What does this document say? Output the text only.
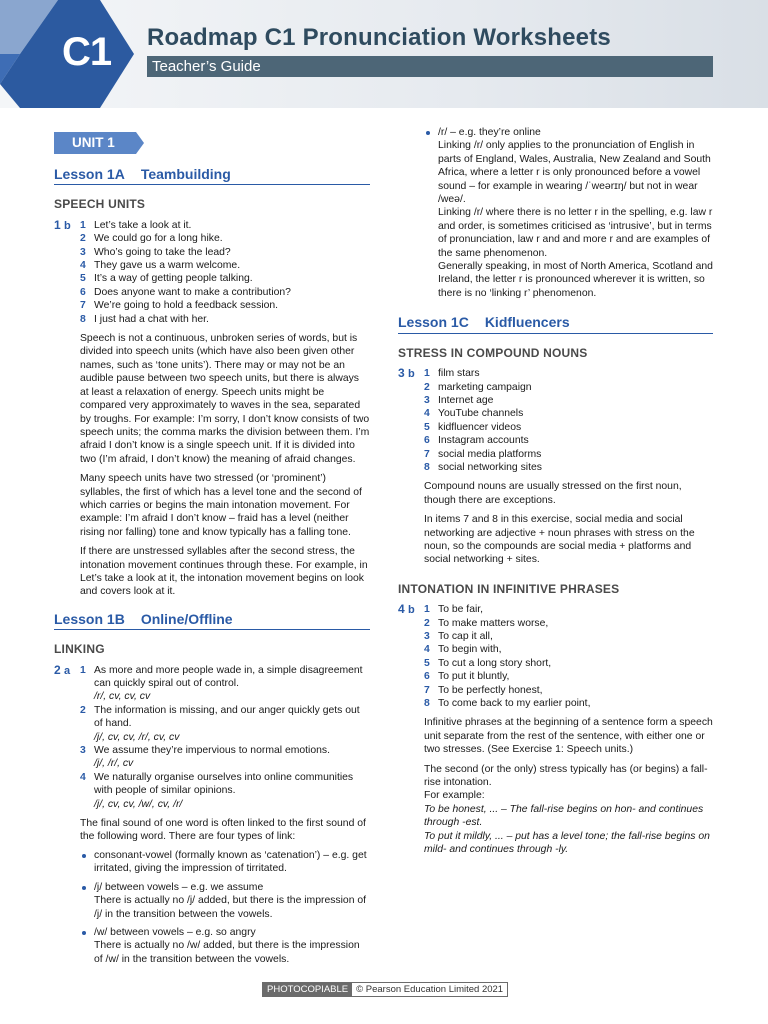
C1 Roadmap C1 Pronunciation Worksheets
Teacher’s Guide
UNIT 1
Lesson 1A Teambuilding
SPEECH UNITS
1 b 1 Let’s take a look at it.
2 We could go for a long hike.
3 Who’s going to take the lead?
4 They gave us a warm welcome.
5 It’s a way of getting people talking.
6 Does anyone want to make a contribution?
7 We’re going to hold a feedback session.
8 I just had a chat with her.
Speech is not a continuous, unbroken series of words, but is divided into speech units (which have also been given other names, such as ‘tone units’). There may or may not be an audible pause between two speech units, but there is always at least a relaxation of energy. Speech units might be compared very approximately to waves in the sea, separated by troughs. For example: I’m sorry, I don’t know consists of two speech units; the comma marks the division between them. I’m afraid I don’t know is a single speech unit. If it is divided into two (I’m afraid, I don’t know) the meaning of afraid changes.
Many speech units have two stressed (or ‘prominent’) syllables, the first of which has a level tone and the second of which carries or begins the main intonation movement. For example: I’m afraid I don’t know – fraid has a level (neither rising nor falling) tone and know typically has a falling tone.
If there are unstressed syllables after the second stress, the intonation movement continues through these. For example, in Let’s take a look at it, the intonation movement begins on look and covers look at it.
Lesson 1B Online/Offline
LINKING
2 a 1 As more and more people wade in, a simple disagreement can quickly spiral out of control.
/r/, cv, cv, cv
2 The information is missing, and our anger quickly gets out of hand.
/j/, cv, cv, /r/, cv, cv
3 We assume they’re impervious to normal emotions.
/j/, /r/, cv
4 We naturally organise ourselves into online communities with people of similar opinions.
/j/, cv, cv, /w/, cv, /r/
The final sound of one word is often linked to the first sound of the following word. There are four types of link:
consonant-vowel (formally known as ‘catenation’) – e.g. get irritated, giving the impression of tirritated.
/j/ between vowels – e.g. we assume
There is actually no /j/ added, but there is the impression of /j/ in the transition between the vowels.
/w/ between vowels – e.g. so angry
There is actually no /w/ added, but there is the impression of /w/ in the transition between the vowels.
/r/ – e.g. they’re online
Linking /r/ only applies to the pronunciation of English in parts of England, Wales, Australia, New Zealand and South Africa, where a letter r is only pronounced before a vowel sound – for example in wearing /ˈweərɪŋ/ but not in wear /weə/.
Linking /r/ where there is no letter r in the spelling, e.g. law r and order, is sometimes criticised as ‘intrusive’, but in terms of pronunciation, law r and and more r and are examples of the same phenomenon.
Generally speaking, in most of North America, Scotland and Ireland, the letter r is pronounced wherever it is written, so there is no ‘linking r’ phenomenon.
Lesson 1C Kidfluencers
STRESS IN COMPOUND NOUNS
3 b 1 film stars
2 marketing campaign
3 Internet age
4 YouTube channels
5 kidfluencer videos
6 Instagram accounts
7 social media platforms
8 social networking sites
Compound nouns are usually stressed on the first noun, though there are exceptions.
In items 7 and 8 in this exercise, social media and social networking are adjective + noun phrases with stress on the noun, so the compounds are social media + platforms and social networking + sites.
INTONATION IN INFINITIVE PHRASES
4 b 1 To be fair,
2 To make matters worse,
3 To cap it all,
4 To begin with,
5 To cut a long story short,
6 To put it bluntly,
7 To be perfectly honest,
8 To come back to my earlier point,
Infinitive phrases at the beginning of a sentence form a speech unit separate from the rest of the sentence, with either one or two stresses. (See Exercise 1: Speech units.)
The second (or the only) stress typically has (or begins) a fall-rise intonation.
For example:
To be honest, ... – The fall-rise begins on hon- and continues through -est.
To put it mildly, ... – put has a level tone; the fall-rise begins on mild- and continues through -ly.
PHOTOCOPIABLE © Pearson Education Limited 2021
